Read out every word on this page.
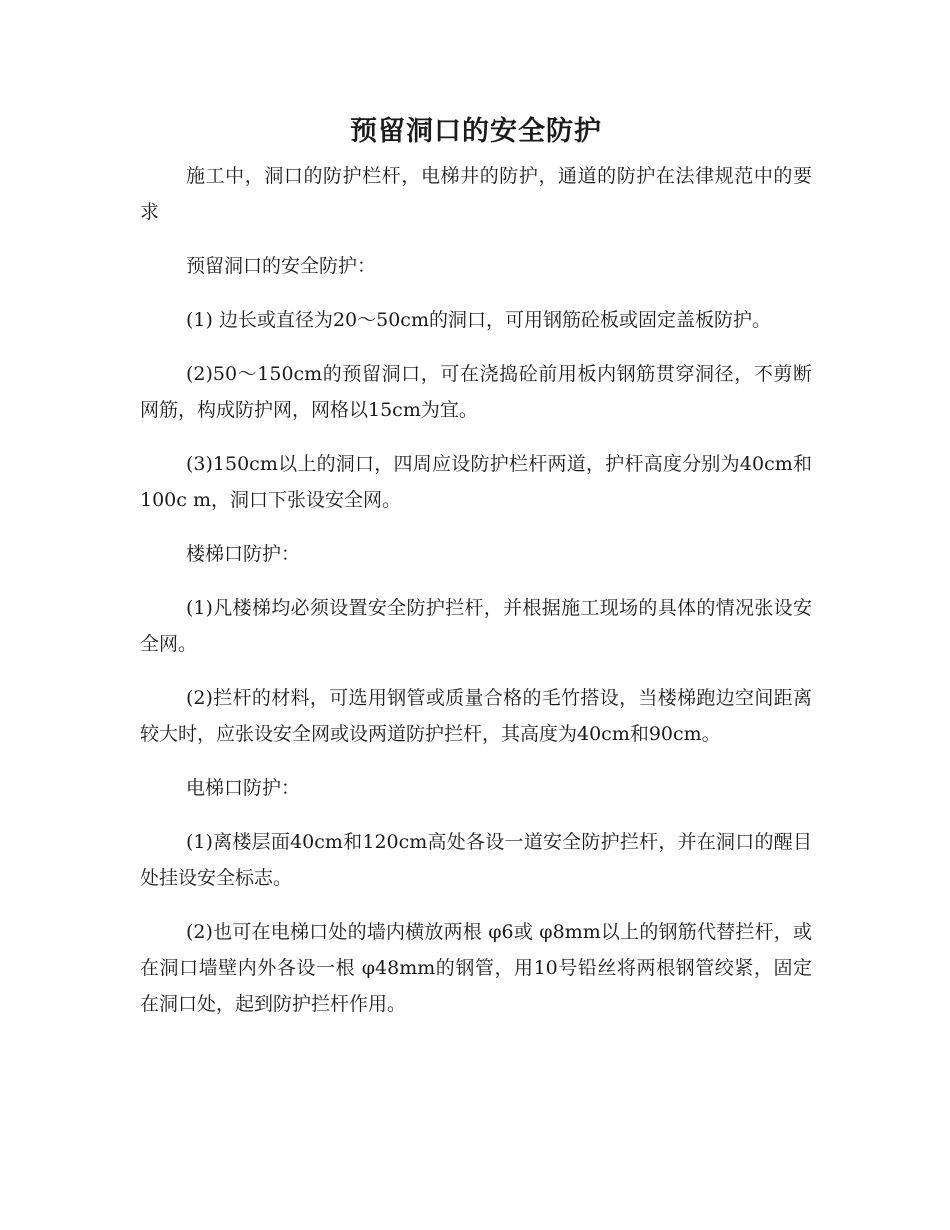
预留洞口的安全防护

施工中，洞口的防护栏杆，电梯井的防护，通道的防护在法律规范中的要求

预留洞口的安全防护：

(1) 边长或直径为20～50cm的洞口，可用钢筋砼板或固定盖板防护。

(2)50～150cm的预留洞口，可在浇捣砼前用板内钢筋贯穿洞径，不剪断网筋，构成防护网，网格以15cm为宜。

(3)150cm以上的洞口，四周应设防护栏杆两道，护杆高度分别为40cm和100c m，洞口下张设安全网。

楼梯口防护：

(1)凡楼梯均必须设置安全防护拦杆，并根据施工现场的具体的情况张设安全网。

(2)拦杆的材料，可选用钢管或质量合格的毛竹搭设，当楼梯跑边空间距离较大时，应张设安全网或设两道防护拦杆，其高度为40cm和90cm。

电梯口防护：

(1)离楼层面40cm和120cm高处各设一道安全防护拦杆，并在洞口的醒目处挂设安全标志。

(2)也可在电梯口处的墙内横放两根 φ6或 φ8mm以上的钢筋代替拦杆，或在洞口墙壁内外各设一根 φ48mm的钢管，用10号铅丝将两根钢管绞紧，固定在洞口处，起到防护拦杆作用。
